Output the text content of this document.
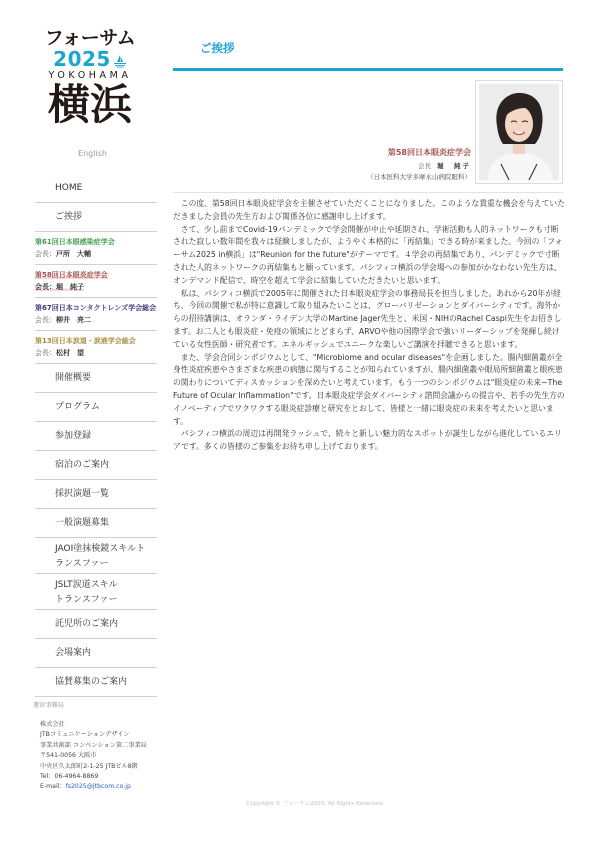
フォーサム
2025
YOKOHAMA
横浜
English
HOME
ご挨拶
第61回日本眼感染症学会
会長：戸所　大輔
第58回日本眼炎症学会
会長：堀　純子
第67回日本コンタクトレンズ学会総会
会長：柳井　亮二
第13回日本涙道・涙液学会総会
会長：松村　望
開催概要
プログラム
参加登録
宿泊のご案内
採択演題一覧
一般演題募集
JAOI塗抹検鏡スキルト
ランスファー
JSLT涙道スキル
トランスファー
託児所のご案内
会場案内
協賛募集のご案内
運営事務局
株式会社
JTBコミュニケーションデザイン
事業共創部 コンベンション第二事業局
〒541-0056 大阪市
中央区久太郎町2-1-25 JTBビル8階
Tel：06-4964-8869
E-mail：fs2025@jtbcom.co.jp
ご挨拶
第58回日本眼炎症学会
会長 堀　純子
（日本医科大学多摩永山病院眼科）

この度、第58回日本眼炎症学会を主催させていただくことになりました。このような貴重な機会を与えていただきました会員の先生方および関係各位に感謝申し上げます。

さて、少し前までCovid-19パンデミックで学会開催が中止や延期され、学術活動も人的ネットワークも寸断された寂しい数年間を我々は経験しましたが、ようやく本格的に「再結集」できる時が来ました。今回の「フォーサム2025 in横浜」は"Reunion for the future"がテーマです。４学会の再結集であり、パンデミックで寸断された人的ネットワークの再結集もと願っています。パシフィコ横浜の学会場への参加がかなわない先生方は、オンデマンド配信で、時空を超えて学会に結集していただきたいと思います。

私は、パシフィコ横浜で2005年に開催された日本眼炎症学会の事務局長を担当しました。あれから20年が経ち、今回の開催で私が特に意識して取り組みたいことは、グローバリゼーションとダイバーシティです。海外からの招待講演は、オランダ・ライデン大学のMartine Jager先生と、米国・NIHのRachel Caspi先生をお招きします。お二人とも眼炎症・免疫の領域にとどまらず、ARVOや他の国際学会で強いリーダーシップを発揮し続けている女性医師・研究者です。エネルギッシュでユニークな楽しいご講演を拝聴できると思います。

また、学会合同シンポジウムとして、"Microbiome and ocular diseases"を企画しました。腸内細菌叢が全身性炎症疾患やさまざまな疾患の病態に関与することが知られていますが、腸内細菌叢や眼局所細菌叢と眼疾患の関わりについてディスカッションを深めたいと考えています。もう一つのシンポジウムは"眼炎症の未来~The Future of Ocular Inflammation"です。日本眼炎症学会ダイバーシティ諮問会議からの提言や、若手の先生方のイノベーティブでワクワクする眼炎症診療と研究をとおして、皆様と一緒に眼炎症の未来を考えたいと思います。

パシフィコ横浜の周辺は再開発ラッシュで、続々と新しい魅力的なスポットが誕生しながら進化しているエリアです。多くの皆様のご参集をお待ち申し上げております。

Copyright © フォーサム2025. All Rights Reserved.
